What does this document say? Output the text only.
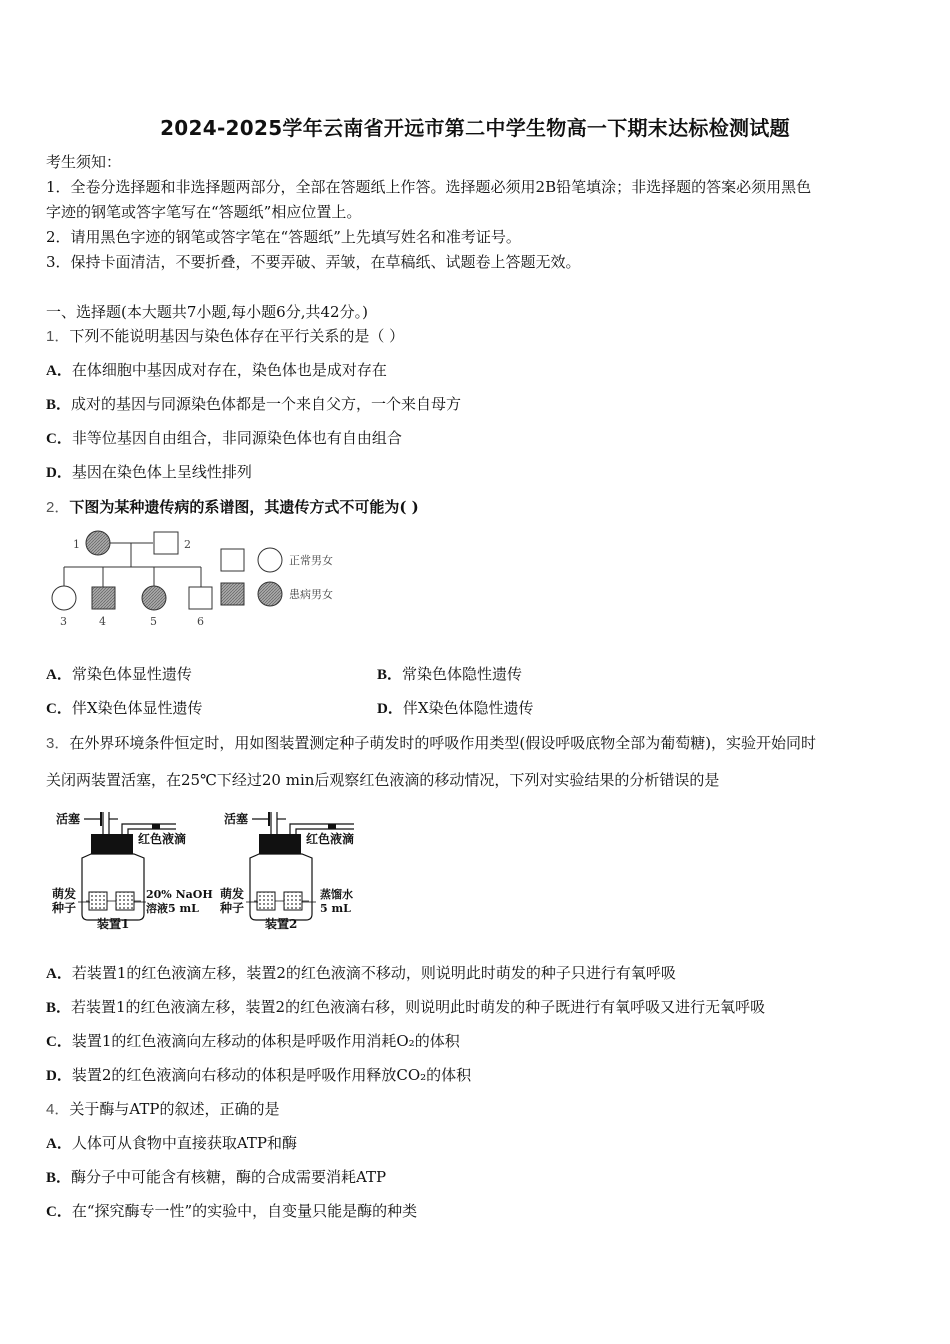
2024-2025学年云南省开远市第二中学生物高一下期末达标检测试题
考生须知：
1．全卷分选择题和非选择题两部分，全部在答题纸上作答。选择题必须用2B铅笔填涂；非选择题的答案必须用黑色
字迹的钢笔或答字笔写在“答题纸”相应位置上。
2．请用黑色字迹的钢笔或答字笔在“答题纸”上先填写姓名和准考证号。
3．保持卡面清洁，不要折叠，不要弄破、弄皱，在草稿纸、试题卷上答题无效。
一、选择题(本大题共7小题,每小题6分,共42分。)
1．下列不能说明基因与染色体存在平行关系的是（ ）
A．在体细胞中基因成对存在，染色体也是成对存在
B．成对的基因与同源染色体都是一个来自父方，一个来自母方
C．非等位基因自由组合，非同源染色体也有自由组合
D．基因在染色体上呈线性排列
2．下图为某种遗传病的系谱图，其遗传方式不可能为( )
1	2
3	4	5	6
正常男女
患病男女
A．常染色体显性遗传	B．常染色体隐性遗传
C．伴X染色体显性遗传	D．伴X染色体隐性遗传
3．在外界环境条件恒定时，用如图装置测定种子萌发时的呼吸作用类型(假设呼吸底物全部为葡萄糖)，实验开始同时
关闭两装置活塞，在25℃下经过20 min后观察红色液滴的移动情况，下列对实验结果的分析错误的是
活塞
萌发
种子
红色液滴
20% NaOH
溶液5 mL
装置1
活塞
萌发
种子
红色液滴
蒸馏水
5 mL
装置2
A．若装置1的红色液滴左移，装置2的红色液滴不移动，则说明此时萌发的种子只进行有氧呼吸
B．若装置1的红色液滴左移，装置2的红色液滴右移，则说明此时萌发的种子既进行有氧呼吸又进行无氧呼吸
C．装置1的红色液滴向左移动的体积是呼吸作用消耗O₂的体积
D．装置2的红色液滴向右移动的体积是呼吸作用释放CO₂的体积
4．关于酶与ATP的叙述，正确的是
A．人体可从食物中直接获取ATP和酶
B．酶分子中可能含有核糖，酶的合成需要消耗ATP
C．在“探究酶专一性”的实验中，自变量只能是酶的种类
